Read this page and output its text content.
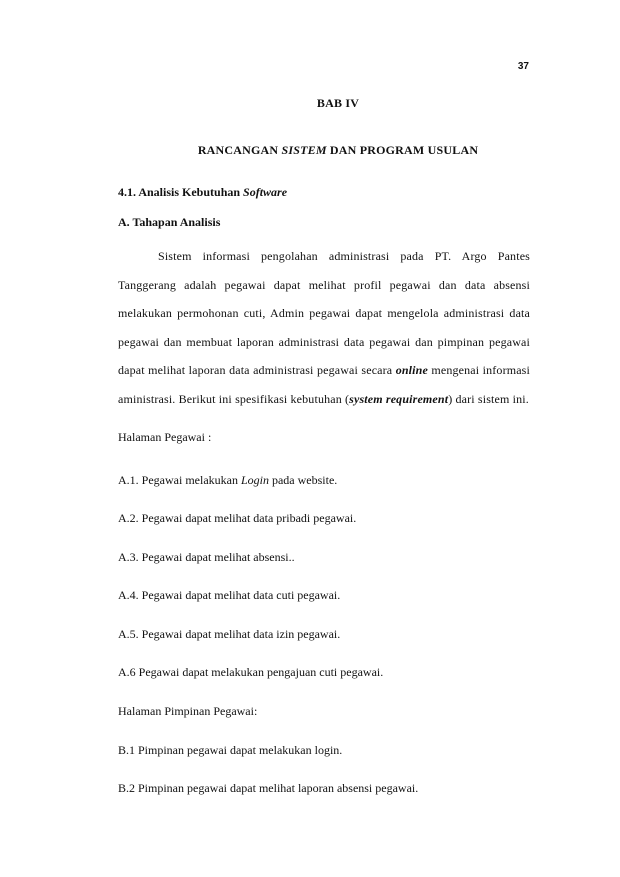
37

BAB IV

RANCANGAN SISTEM DAN PROGRAM USULAN

4.1. Analisis Kebutuhan Software

A. Tahapan Analisis

Sistem informasi pengolahan administrasi pada PT. Argo Pantes Tanggerang adalah pegawai dapat melihat profil pegawai dan data absensi melakukan permohonan cuti, Admin pegawai dapat mengelola administrasi data pegawai dan membuat laporan administrasi data pegawai dan pimpinan pegawai dapat melihat laporan data administrasi pegawai secara online mengenai informasi aministrasi. Berikut ini spesifikasi kebutuhan (system requirement) dari sistem ini.

Halaman Pegawai :

A.1. Pegawai melakukan Login pada website.

A.2. Pegawai dapat melihat data pribadi pegawai.

A.3. Pegawai dapat melihat absensi..

A.4. Pegawai dapat melihat data cuti pegawai.

A.5. Pegawai dapat melihat data izin pegawai.

A.6 Pegawai dapat melakukan pengajuan cuti pegawai.

Halaman Pimpinan Pegawai:

B.1 Pimpinan pegawai dapat melakukan login.

B.2 Pimpinan pegawai dapat melihat laporan absensi pegawai.
